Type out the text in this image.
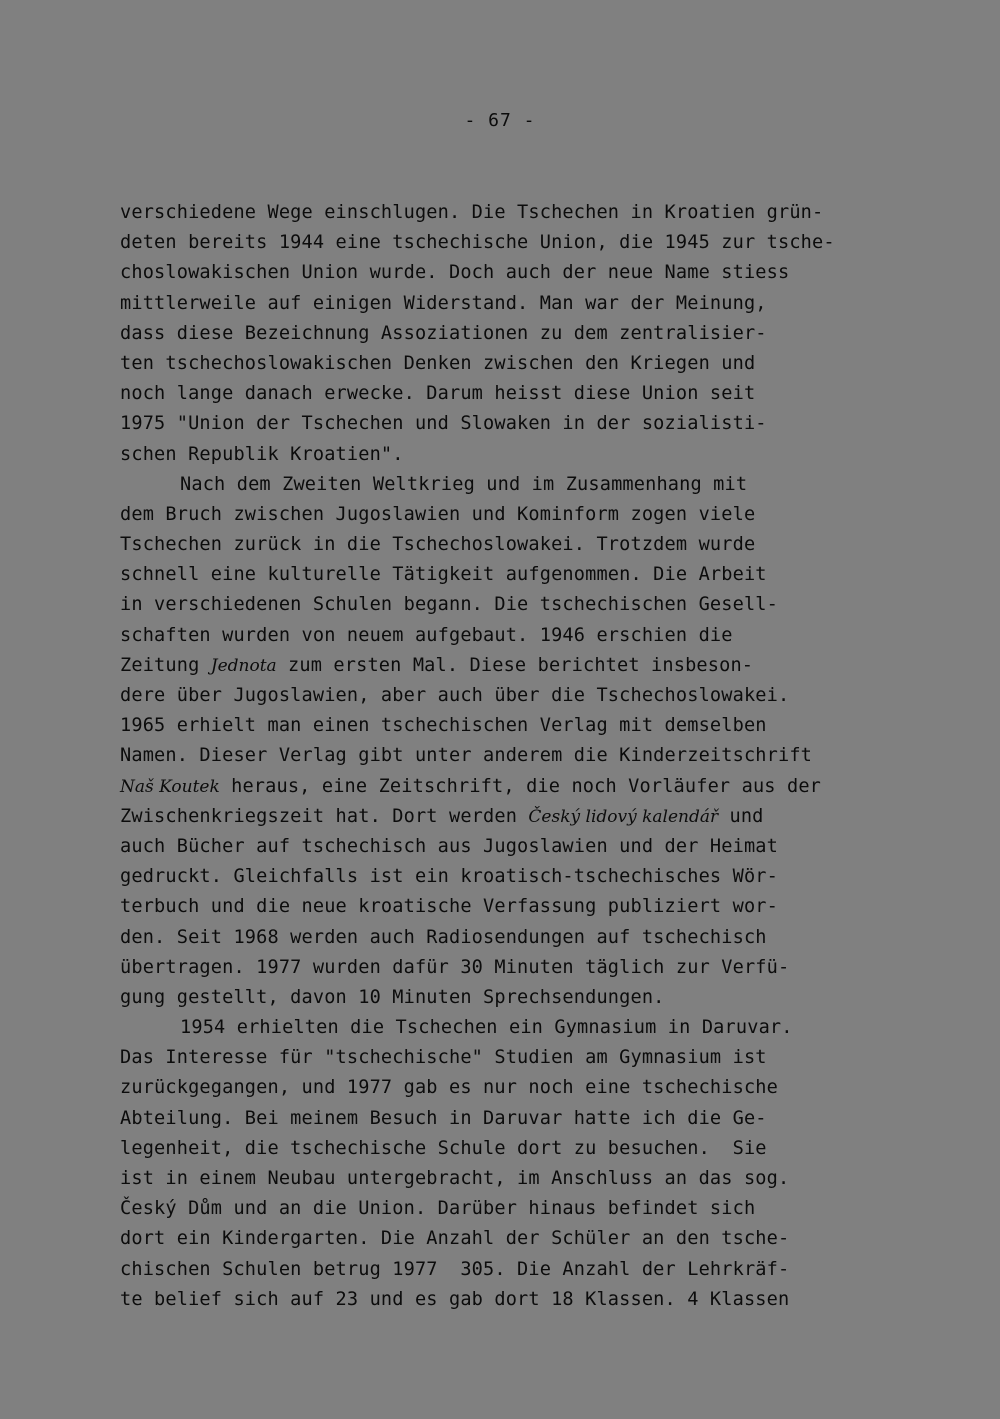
- 67 -
verschiedene Wege einschlugen. Die Tschechen in Kroatien grün-
deten bereits 1944 eine tschechische Union, die 1945 zur tsche-
choslowakischen Union wurde. Doch auch der neue Name stiess
mittlerweile auf einigen Widerstand. Man war der Meinung,
dass diese Bezeichnung Assoziationen zu dem zentralisier-
ten tschechoslowakischen Denken zwischen den Kriegen und
noch lange danach erwecke. Darum heisst diese Union seit
1975 "Union der Tschechen und Slowaken in der sozialisti-
schen Republik Kroatien".
Nach dem Zweiten Weltkrieg und im Zusammenhang mit
dem Bruch zwischen Jugoslawien und Kominform zogen viele
Tschechen zurück in die Tschechoslowakei. Trotzdem wurde
schnell eine kulturelle Tätigkeit aufgenommen. Die Arbeit
in verschiedenen Schulen begann. Die tschechischen Gesell-
schaften wurden von neuem aufgebaut. 1946 erschien die
Zeitung Jednota zum ersten Mal. Diese berichtet insbeson-
dere über Jugoslawien, aber auch über die Tschechoslowakei.
1965 erhielt man einen tschechischen Verlag mit demselben
Namen. Dieser Verlag gibt unter anderem die Kinderzeitschrift
Naš Koutek heraus, eine Zeitschrift, die noch Vorläufer aus der
Zwischenkriegszeit hat. Dort werden Český lidový kalendář und
auch Bücher auf tschechisch aus Jugoslawien und der Heimat
gedruckt. Gleichfalls ist ein kroatisch-tschechisches Wör-
terbuch und die neue kroatische Verfassung publiziert wor-
den. Seit 1968 werden auch Radiosendungen auf tschechisch
übertragen. 1977 wurden dafür 30 Minuten täglich zur Verfü-
gung gestellt, davon 10 Minuten Sprechsendungen.
1954 erhielten die Tschechen ein Gymnasium in Daruvar.
Das Interesse für "tschechische" Studien am Gymnasium ist
zurückgegangen, und 1977 gab es nur noch eine tschechische
Abteilung. Bei meinem Besuch in Daruvar hatte ich die Ge-
legenheit, die tschechische Schule dort zu besuchen.  Sie
ist in einem Neubau untergebracht, im Anschluss an das sog.
Český Dům und an die Union. Darüber hinaus befindet sich
dort ein Kindergarten. Die Anzahl der Schüler an den tsche-
chischen Schulen betrug 1977  305. Die Anzahl der Lehrkräf-
te belief sich auf 23 und es gab dort 18 Klassen. 4 Klassen
